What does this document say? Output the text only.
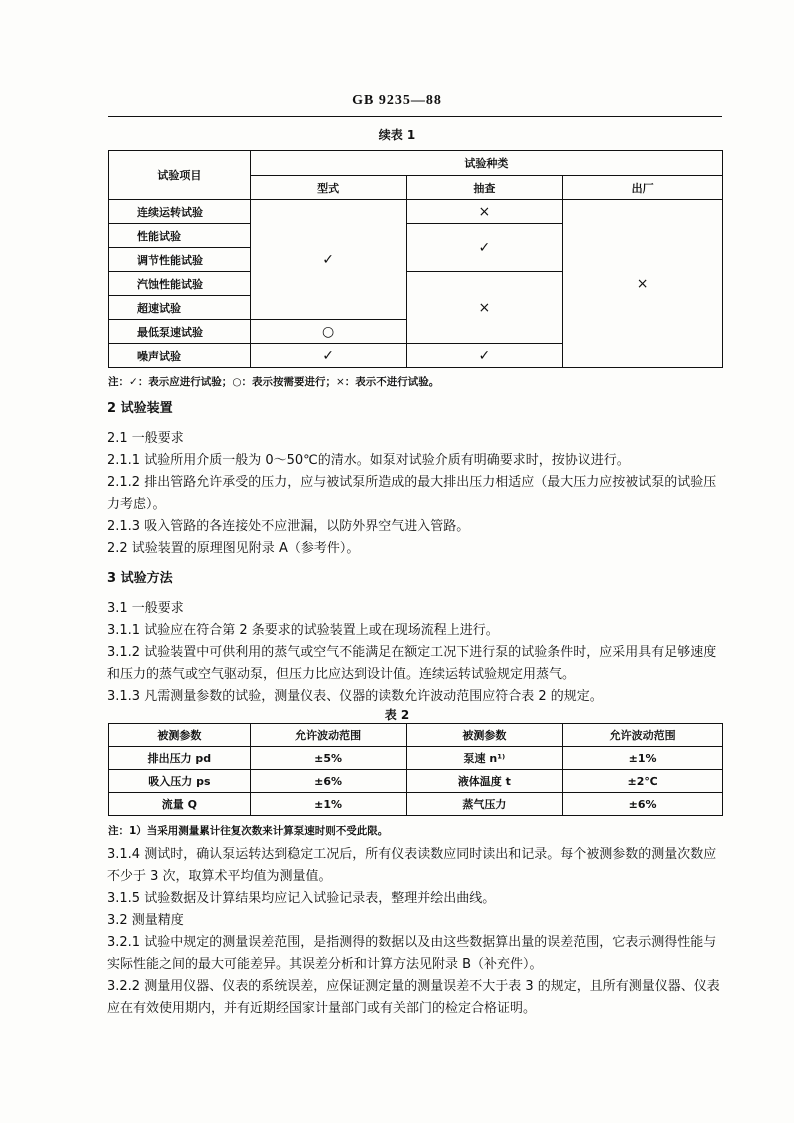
GB 9235—88
续表 1
试验项目	试验种类		
	型式	抽查	出厂
连续运转试验	✓	×	×
性能试验		✓	
调节性能试验			
汽蚀性能试验		×	
超速试验			
最低泵速试验	○		
噪声试验	✓	✓	
注：✓：表示应进行试验；○：表示按需要进行；×：表示不进行试验。

2 试验装置

2.1 一般要求

2.1.1 试验所用介质一般为 0～50℃的清水。如泵对试验介质有明确要求时，按协议进行。

2.1.2 排出管路允许承受的压力，应与被试泵所造成的最大排出压力相适应（最大压力应按被试泵的试验压力考虑）。

2.1.3 吸入管路的各连接处不应泄漏，以防外界空气进入管路。

2.2 试验装置的原理图见附录 A（参考件）。

3 试验方法

3.1 一般要求

3.1.1 试验应在符合第 2 条要求的试验装置上或在现场流程上进行。

3.1.2 试验装置中可供利用的蒸气或空气不能满足在额定工况下进行泵的试验条件时，应采用具有足够速度和压力的蒸气或空气驱动泵，但压力比应达到设计值。连续运转试验规定用蒸气。

3.1.3 凡需测量参数的试验，测量仪表、仪器的读数允许波动范围应符合表 2 的规定。

表 2
被测参数	允许波动范围	被测参数	允许波动范围
排出压力 pd	±5%	泵速 n¹⁾	±1%
吸入压力 ps	±6%	液体温度 t	±2℃
流量 Q	±1%	蒸气压力	±6%
注：1）当采用测量累计往复次数来计算泵速时则不受此限。

3.1.4 测试时，确认泵运转达到稳定工况后，所有仪表读数应同时读出和记录。每个被测参数的测量次数应不少于 3 次，取算术平均值为测量值。

3.1.5 试验数据及计算结果均应记入试验记录表，整理并绘出曲线。

3.2 测量精度

3.2.1 试验中规定的测量误差范围，是指测得的数据以及由这些数据算出量的误差范围，它表示测得性能与实际性能之间的最大可能差异。其误差分析和计算方法见附录 B（补充件）。

3.2.2 测量用仪器、仪表的系统误差，应保证测定量的测量误差不大于表 3 的规定，且所有测量仪器、仪表应在有效使用期内，并有近期经国家计量部门或有关部门的检定合格证明。
